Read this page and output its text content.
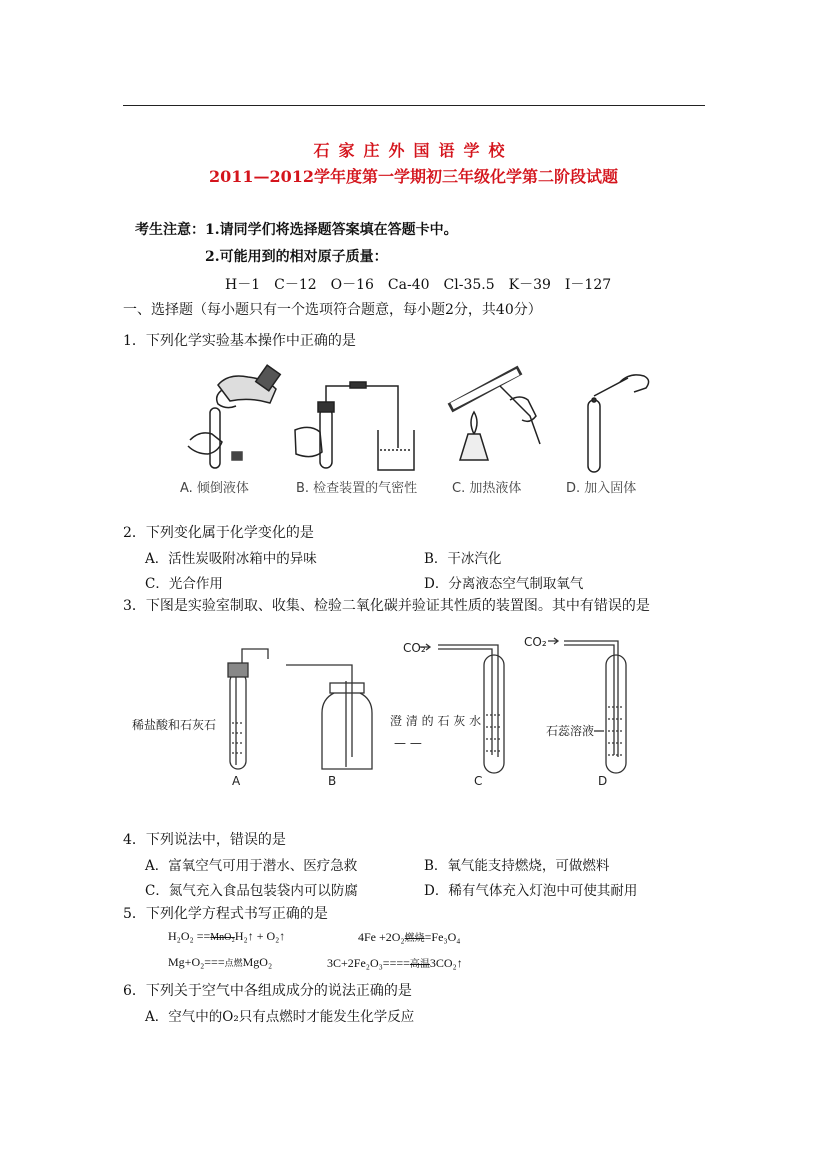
石家庄外国语学校
2011—2012学年度第一学期初三年级化学第二阶段试题
考生注意：1.请同学们将选择题答案填在答题卡中。
2.可能用到的相对原子质量：
H－1　C－12　O－16　Ca-40　Cl-35.5　K－39　I－127
一、选择题（每小题只有一个选项符合题意，每小题2分，共40分）
1．下列化学实验基本操作中正确的是
A. 倾倒液体	B. 检查装置的气密性	C. 加热液体	D. 加入固体
2．下列变化属于化学变化的是
A．活性炭吸附冰箱中的异味	B．干冰汽化
C．光合作用	D．分离液态空气制取氧气
3．下图是实验室制取、收集、检验二氧化碳并验证其性质的装置图。其中有错误的是
稀盐酸和石灰石	澄 清 的 石 灰 水
— —
石蕊溶液
CO₂	CO₂
A	B	C	D
4．下列说法中，错误的是
A．富氧空气可用于潜水、医疗急救	B．氧气能支持燃烧，可做燃料
C．氮气充入食品包装袋内可以防腐	D．稀有气体充入灯泡中可使其耐用
5．下列化学方程式书写正确的是
H₂O₂ ==MnO₂H₂↑ + O₂↑	4Fe +2O₂燃烧=Fe₃O₄
Mg+O₂===点燃MgO₂	3C+2Fe₂O₃====高温3CO₂↑
6．下列关于空气中各组成成分的说法正确的是
A．空气中的O₂只有点燃时才能发生化学反应
